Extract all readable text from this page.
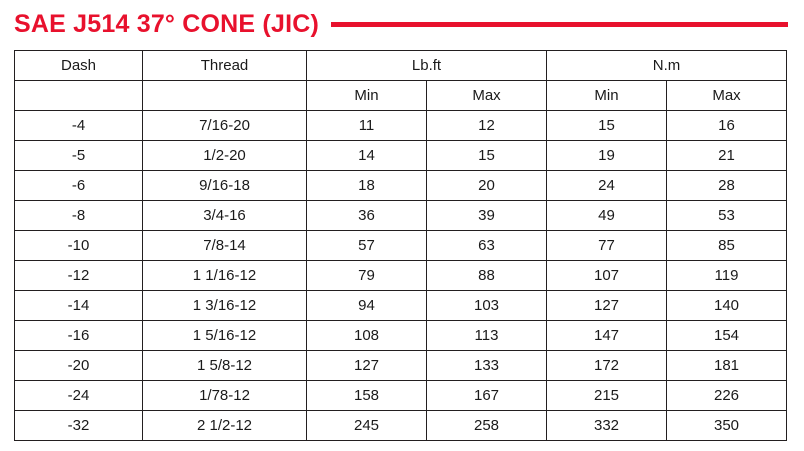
SAE J514 37° CONE (JIC)
Dash	Thread	Lb.ft		N.m	
		Min	Max	Min	Max
-4	7/16-20	11	12	15	16
-5	1/2-20	14	15	19	21
-6	9/16-18	18	20	24	28
-8	3/4-16	36	39	49	53
-10	7/8-14	57	63	77	85
-12	1 1/16-12	79	88	107	119
-14	1 3/16-12	94	103	127	140
-16	1 5/16-12	108	113	147	154
-20	1 5/8-12	127	133	172	181
-24	1/78-12	158	167	215	226
-32	2 1/2-12	245	258	332	350
